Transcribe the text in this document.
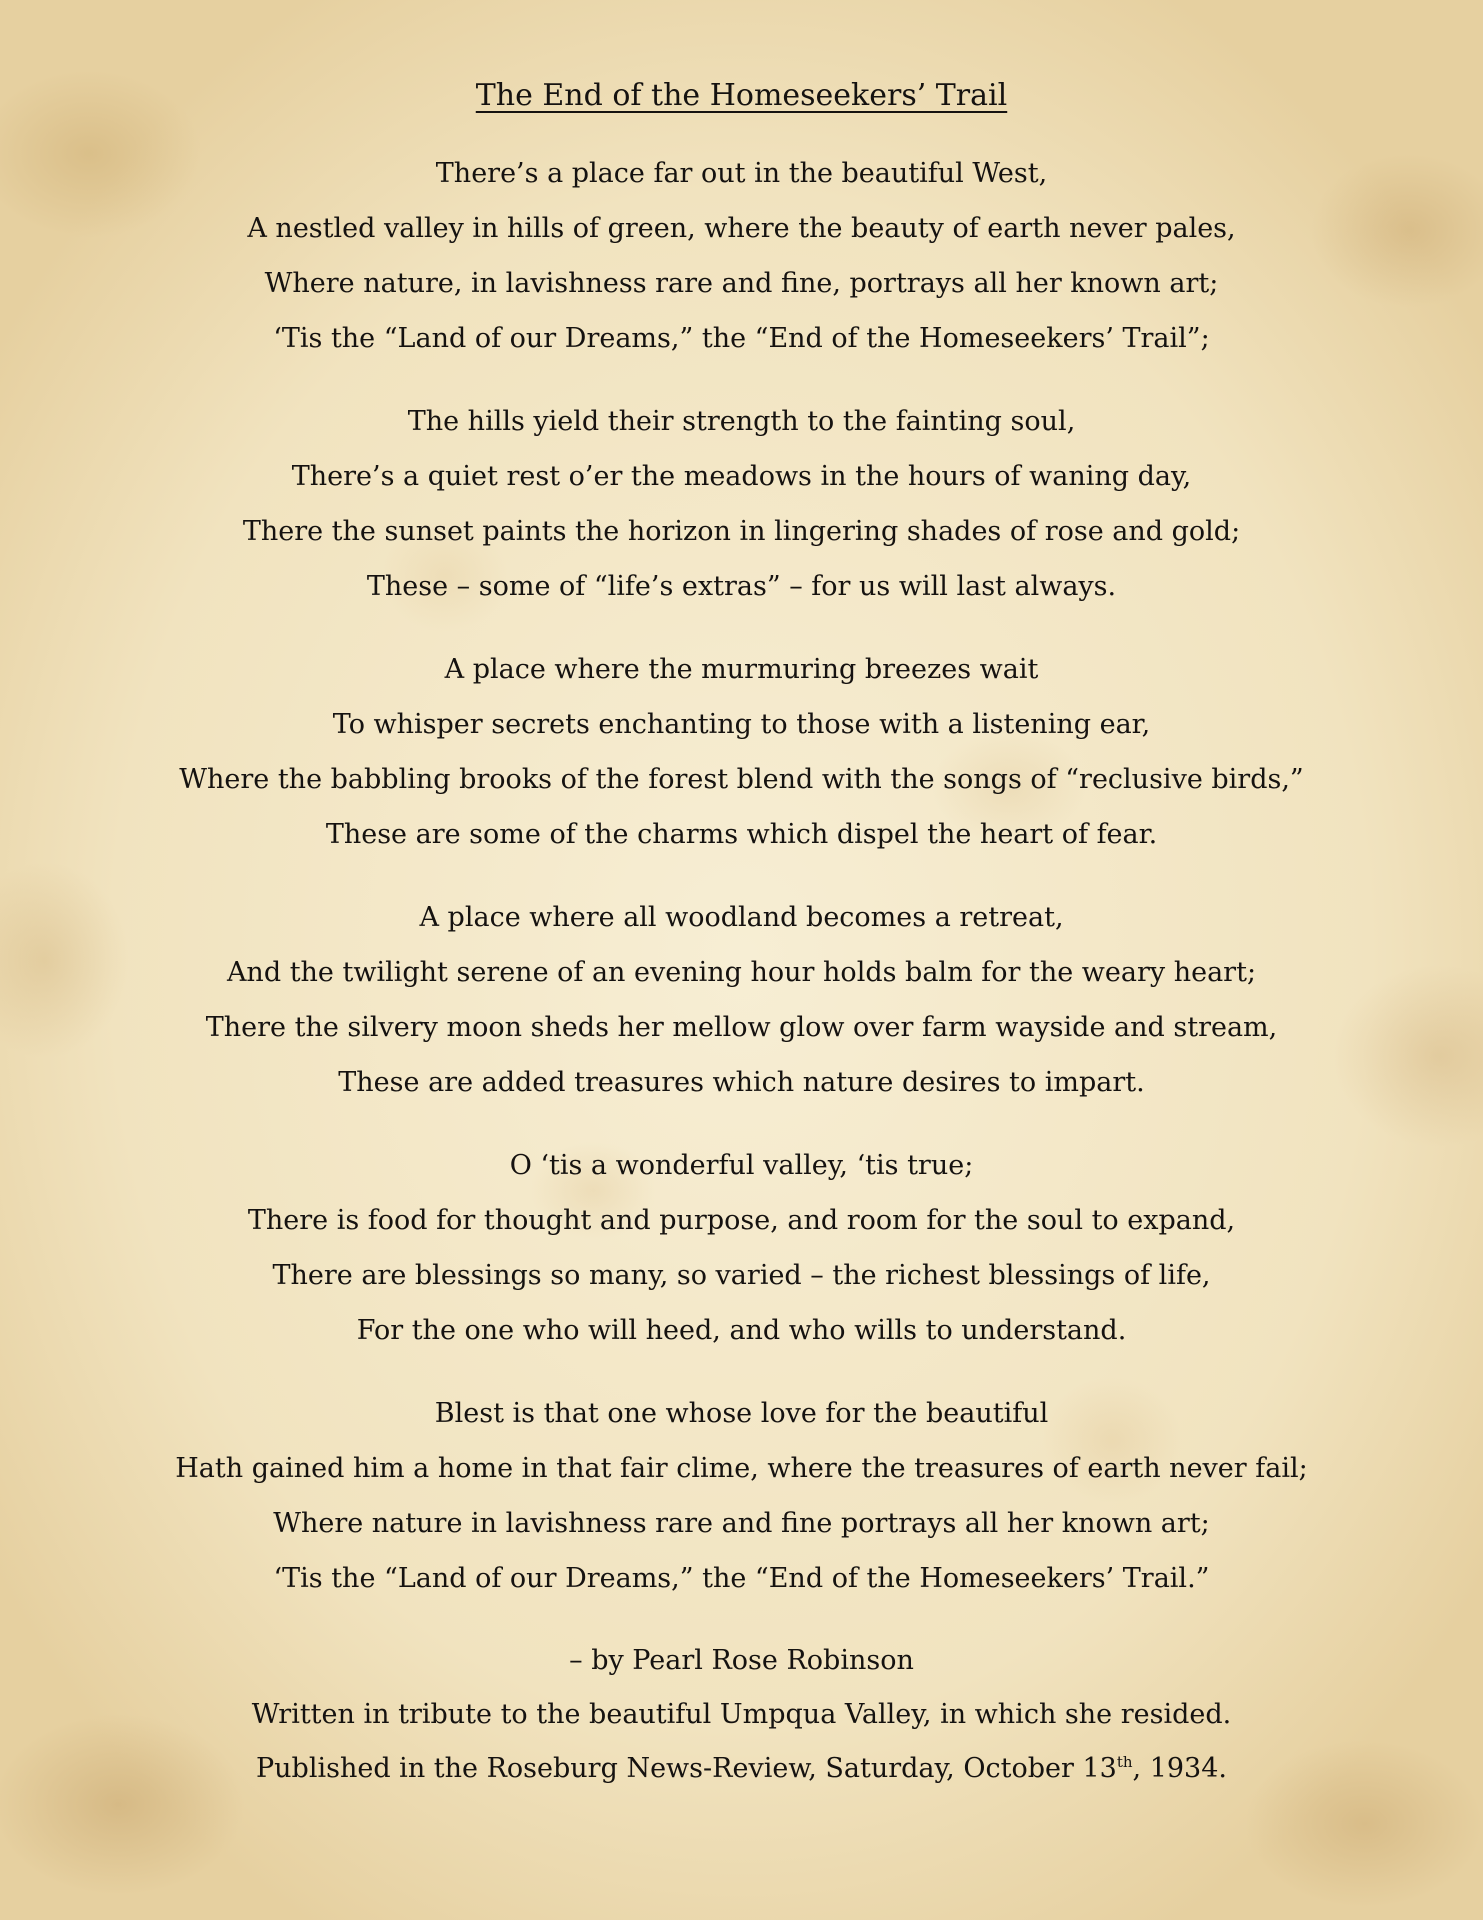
The End of the Homeseekers’ Trail
There’s a place far out in the beautiful West,
A nestled valley in hills of green, where the beauty of earth never pales,
Where nature, in lavishness rare and fine, portrays all her known art;
‘Tis the “Land of our Dreams,” the “End of the Homeseekers’ Trail”;
The hills yield their strength to the fainting soul,
There’s a quiet rest o’er the meadows in the hours of waning day,
There the sunset paints the horizon in lingering shades of rose and gold;
These – some of “life’s extras” – for us will last always.
A place where the murmuring breezes wait
To whisper secrets enchanting to those with a listening ear,
Where the babbling brooks of the forest blend with the songs of “reclusive birds,”
These are some of the charms which dispel the heart of fear.
A place where all woodland becomes a retreat,
And the twilight serene of an evening hour holds balm for the weary heart;
There the silvery moon sheds her mellow glow over farm wayside and stream,
These are added treasures which nature desires to impart.
O ‘tis a wonderful valley, ‘tis true;
There is food for thought and purpose, and room for the soul to expand,
There are blessings so many, so varied – the richest blessings of life,
For the one who will heed, and who wills to understand.
Blest is that one whose love for the beautiful
Hath gained him a home in that fair clime, where the treasures of earth never fail;
Where nature in lavishness rare and fine portrays all her known art;
‘Tis the “Land of our Dreams,” the “End of the Homeseekers’ Trail.”
– by Pearl Rose Robinson
Written in tribute to the beautiful Umpqua Valley, in which she resided.
Published in the Roseburg News-Review, Saturday, October 13th, 1934.
